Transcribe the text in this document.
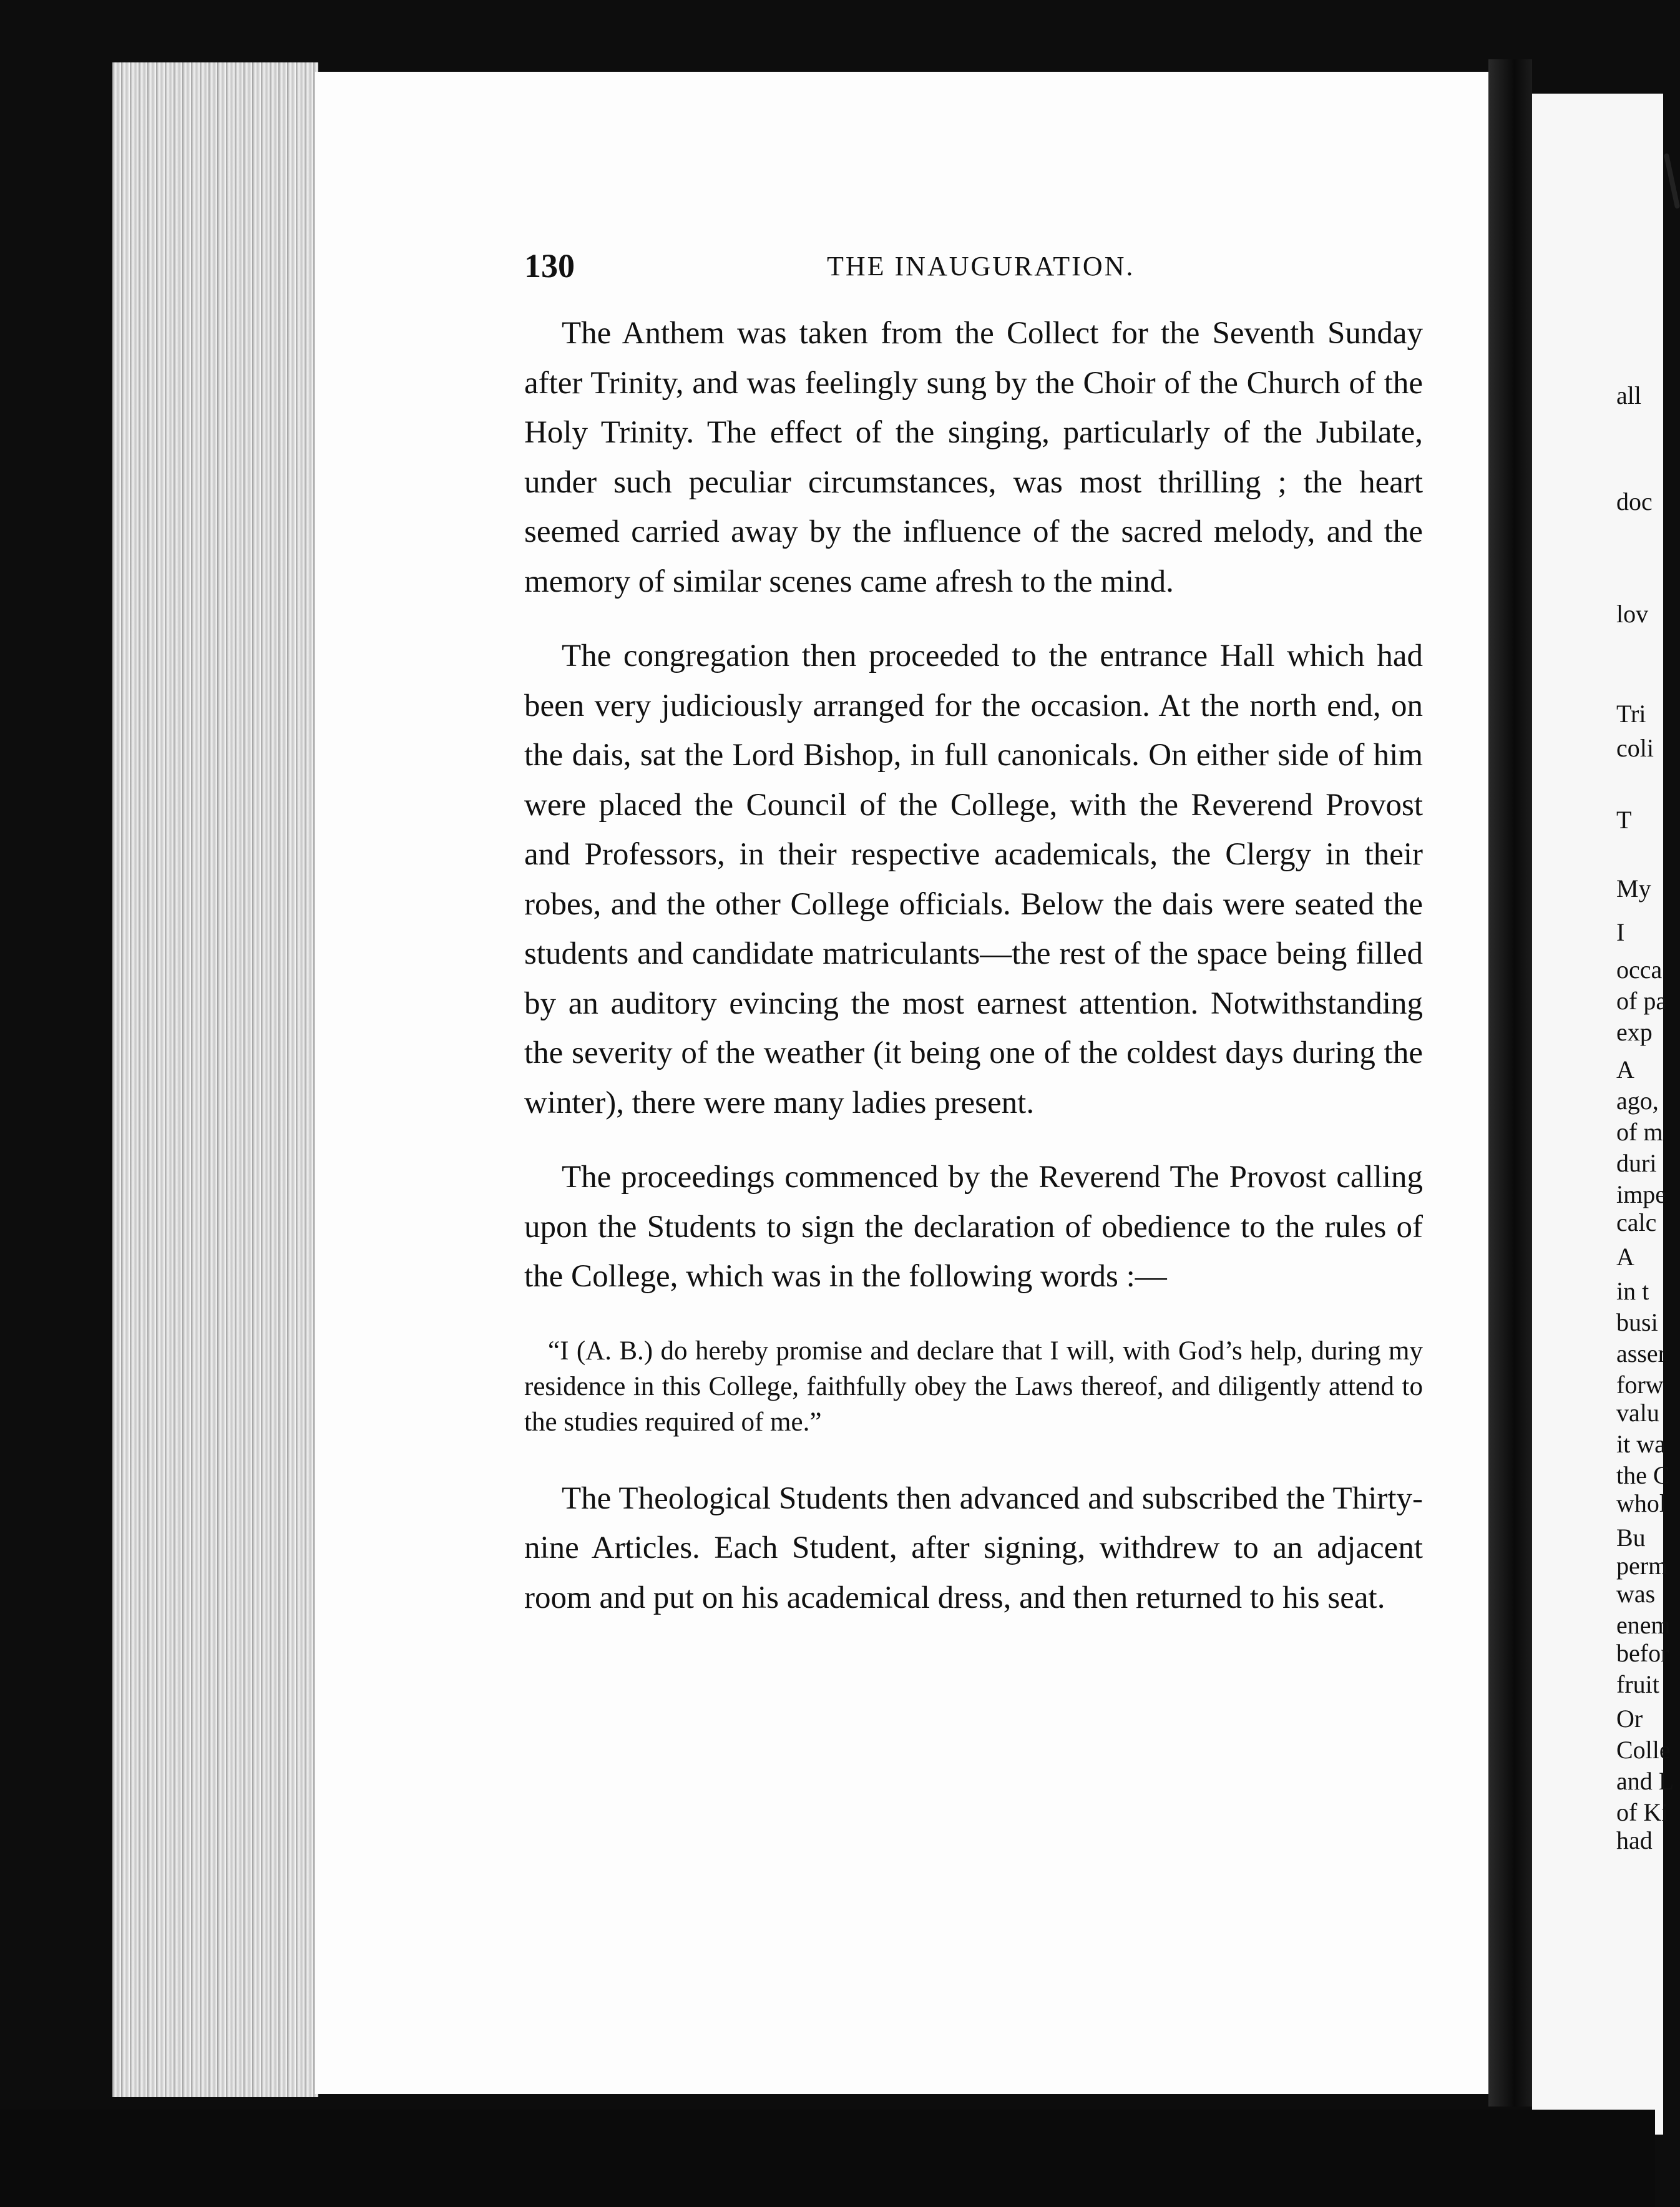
130	THE INAUGURATION.

The Anthem was taken from the Collect for the Seventh Sunday after Trinity, and was feelingly sung by the Choir of the Church of the Holy Trinity. The effect of the singing, particularly of the Jubilate, under such peculiar circumstances, was most thrilling ; the heart seemed carried away by the influence of the sacred melody, and the memory of similar scenes came afresh to the mind.

The congregation then proceeded to the entrance Hall which had been very judiciously arranged for the occasion. At the north end, on the dais, sat the Lord Bishop, in full canonicals. On either side of him were placed the Council of the College, with the Reverend Provost and Professors, in their respective academicals, the Clergy in their robes, and the other College officials. Below the dais were seated the students and candidate matriculants—the rest of the space being filled by an auditory evincing the most earnest attention. Notwithstanding the severity of the weather (it being one of the coldest days during the winter), there were many ladies present.

The proceedings commenced by the Reverend The Provost calling upon the Students to sign the declaration of obedience to the rules of the College, which was in the following words :—

“I (A. B.) do hereby promise and declare that I will, with God’s help, during my residence in this College, faithfully obey the Laws thereof, and diligently attend to the studies required of me.”

The Theological Students then advanced and subscribed the Thirty-nine Articles. Each Student, after signing, withdrew to an adjacent room and put on his academical dress, and then returned to his seat.

all
doc
lov
Tri
coli
T
My
I
occa
of pa
exp
A
ago,
of m
duri
impe
calc
A
in t
busi
asser
forw
valu
it wa
the C
whol
Bu
perm
was
enem
befor
fruit
Or
Colle
and L
of Ki
had
